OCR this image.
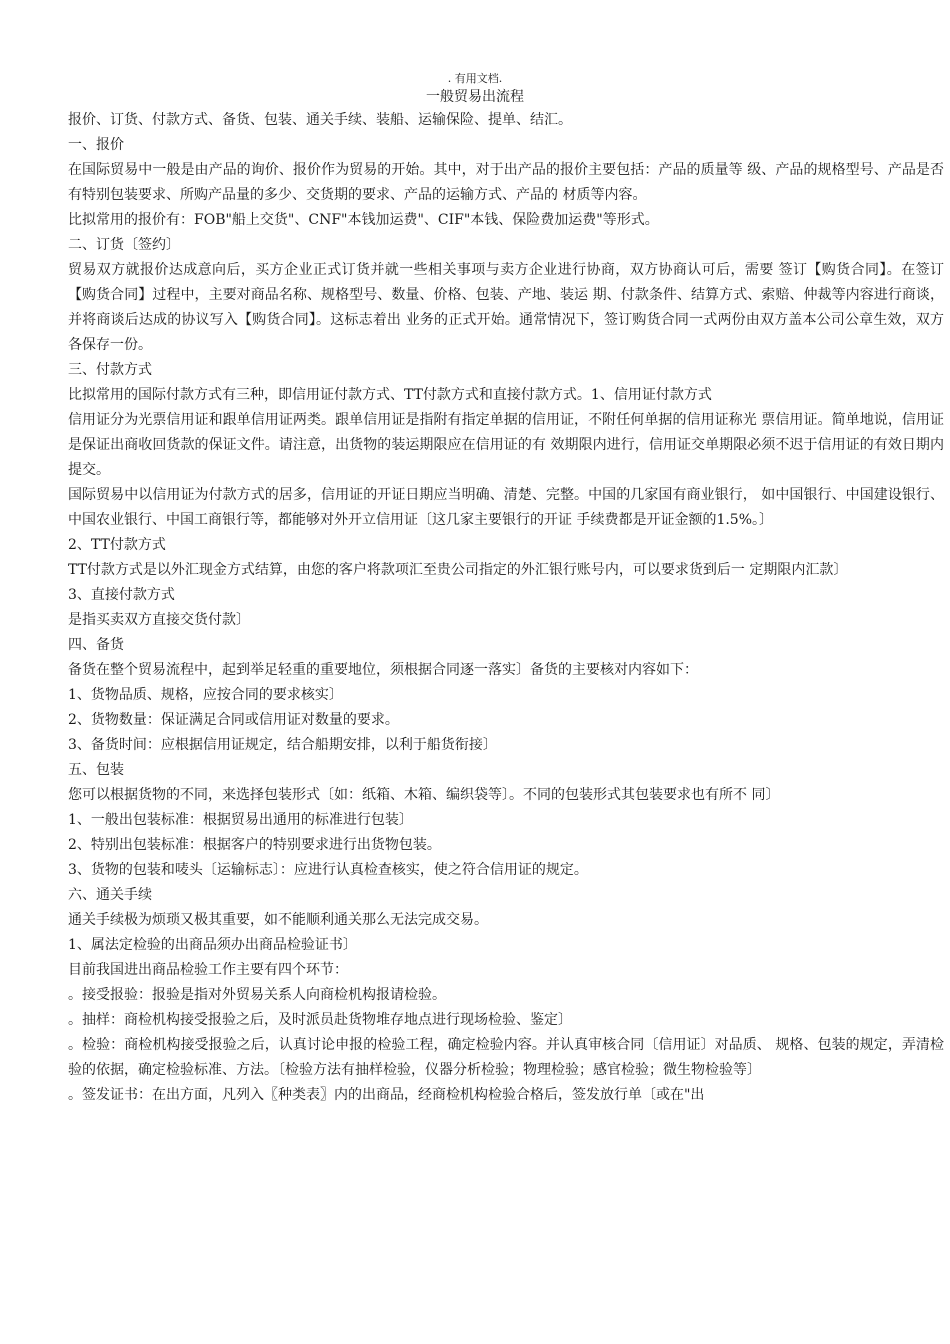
. 有用文档.
一般贸易出流程

报价、订货、付款方式、备货、包装、通关手续、装船、运输保险、提单、结汇。

一、报价

在国际贸易中一般是由产品的询价、报价作为贸易的开始。其中，对于出产品的报价主要包括：产品的质量等 级、产品的规格型号、产品是否有特别包装要求、所购产品量的多少、交货期的要求、产品的运输方式、产品的 材质等内容。

比拟常用的报价有：FOB"船上交货"、CNF"本钱加运费"、CIF"本钱、保险费加运费"等形式。

二、订货〔签约〕

贸易双方就报价达成意向后，买方企业正式订货并就一些相关事项与卖方企业进行协商，双方协商认可后，需要 签订【购货合同】。在签订【购货合同】过程中，主要对商品名称、规格型号、数量、价格、包装、产地、装运 期、付款条件、结算方式、索赔、仲裁等内容进行商谈，并将商谈后达成的协议写入【购货合同】。这标志着出 业务的正式开始。通常情况下，签订购货合同一式两份由双方盖本公司公章生效，双方各保存一份。

三、付款方式

比拟常用的国际付款方式有三种，即信用证付款方式、TT付款方式和直接付款方式。1、信用证付款方式

信用证分为光票信用证和跟单信用证两类。跟单信用证是指附有指定单据的信用证，不附任何单据的信用证称光 票信用证。简单地说，信用证是保证出商收回货款的保证文件。请注意，出货物的装运期限应在信用证的有 效期限内进行，信用证交单期限必须不迟于信用证的有效日期内提交。

国际贸易中以信用证为付款方式的居多，信用证的开证日期应当明确、清楚、完整。中国的几家国有商业银行， 如中国银行、中国建设银行、中国农业银行、中国工商银行等，都能够对外开立信用证〔这几家主要银行的开证 手续费都是开证金额的1.5%。〕

2、TT付款方式

TT付款方式是以外汇现金方式结算，由您的客户将款项汇至贵公司指定的外汇银行账号内，可以要求货到后一 定期限内汇款〕

3、直接付款方式

是指买卖双方直接交货付款〕

四、备货

备货在整个贸易流程中，起到举足轻重的重要地位，须根据合同逐一落实〕备货的主要核对内容如下：

1、货物品质、规格，应按合同的要求核实〕

2、货物数量：保证满足合同或信用证对数量的要求。

3、备货时间：应根据信用证规定，结合船期安排，以利于船货衔接〕

五、包装

您可以根据货物的不同，来选择包装形式〔如：纸箱、木箱、编织袋等〕。不同的包装形式其包装要求也有所不 同〕

1、一般出包装标准：根据贸易出通用的标准进行包装〕

2、特别出包装标准：根据客户的特别要求进行出货物包装。

3、货物的包装和唛头〔运输标志〕：应进行认真检查核实，使之符合信用证的规定。

六、通关手续

通关手续极为烦琐又极其重要，如不能顺利通关那么无法完成交易。

1、属法定检验的出商品须办出商品检验证书〕

目前我国进出商品检验工作主要有四个环节：

。接受报验：报验是指对外贸易关系人向商检机构报请检验。

。抽样：商检机构接受报验之后，及时派员赴货物堆存地点进行现场检验、鉴定〕

。检验：商检机构接受报验之后，认真讨论申报的检验工程，确定检验内容。并认真审核合同〔信用证〕对品质、 规格、包装的规定，弄清检验的依据，确定检验标准、方法。〔检验方法有抽样检验，仪器分析检验；物理检验；感官检验；微生物检验等〕

。签发证书：在出方面，凡列入〖种类表〗内的出商品，经商检机构检验合格后，签发放行单〔或在"出
